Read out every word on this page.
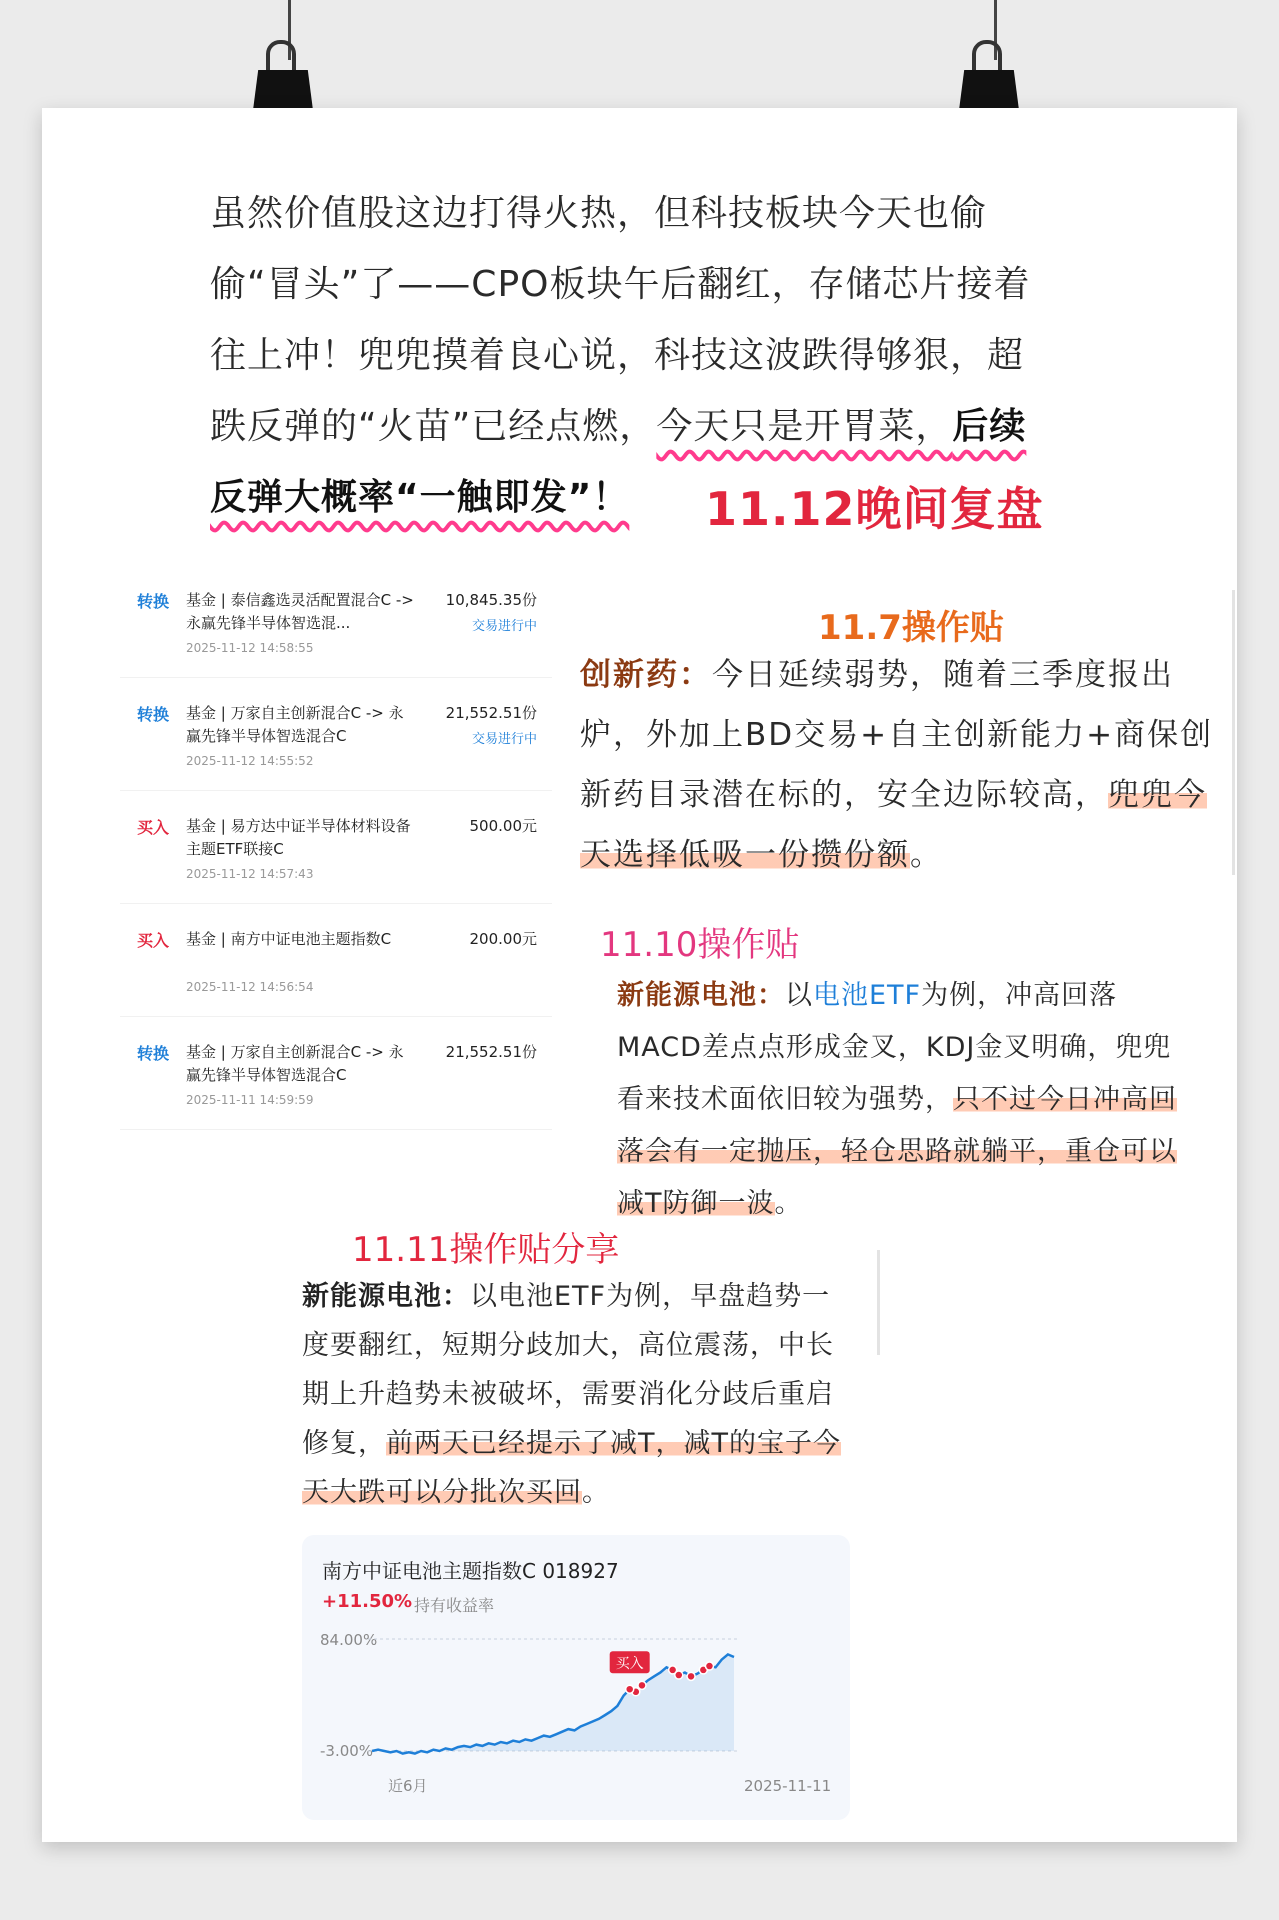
虽然价值股这边打得火热，但科技板块今天也偷偷“冒头”了——CPO板块午后翻红，存储芯片接着往上冲！兜兜摸着良心说，科技这波跌得够狠，超跌反弹的“火苗”已经点燃，今天只是开胃菜，后续反弹大概率“一触即发”！	11.12晚间复盘
转换 基金 | 泰信鑫选灵活配置混合C -> 永赢先锋半导体智选混...
2025-11-12 14:58:55
10,845.35份
交易进行中
转换 基金 | 万家自主创新混合C -> 永赢先锋半导体智选混合C
2025-11-12 14:55:52
21,552.51份
交易进行中
买入 基金 | 易方达中证半导体材料设备主题ETF联接C
2025-11-12 14:57:43
500.00元
买入 基金 | 南方中证电池主题指数C
2025-11-12 14:56:54
200.00元
转换 基金 | 万家自主创新混合C -> 永赢先锋半导体智选混合C
2025-11-11 14:59:59
21,552.51份
11.7操作贴
创新药：今日延续弱势，随着三季度报出炉，外加上BD交易+自主创新能力+商保创新药目录潜在标的，安全边际较高，兜兜今天选择低吸一份攒份额。
11.10操作贴
新能源电池：以电池ETF为例，冲高回落MACD差点点形成金叉，KDJ金叉明确，兜兜看来技术面依旧较为强势，只不过今日冲高回落会有一定抛压，轻仓思路就躺平，重仓可以减T防御一波。
11.11操作贴分享
新能源电池：以电池ETF为例，早盘趋势一度要翻红，短期分歧加大，高位震荡，中长期上升趋势未被破坏，需要消化分歧后重启修复，前两天已经提示了减T，减T的宝子今天大跌可以分批次买回。
南方中证电池主题指数C 018927
+11.50% 持有收益率
84.00%
-3.00%
近6月	2025-11-11
买入
